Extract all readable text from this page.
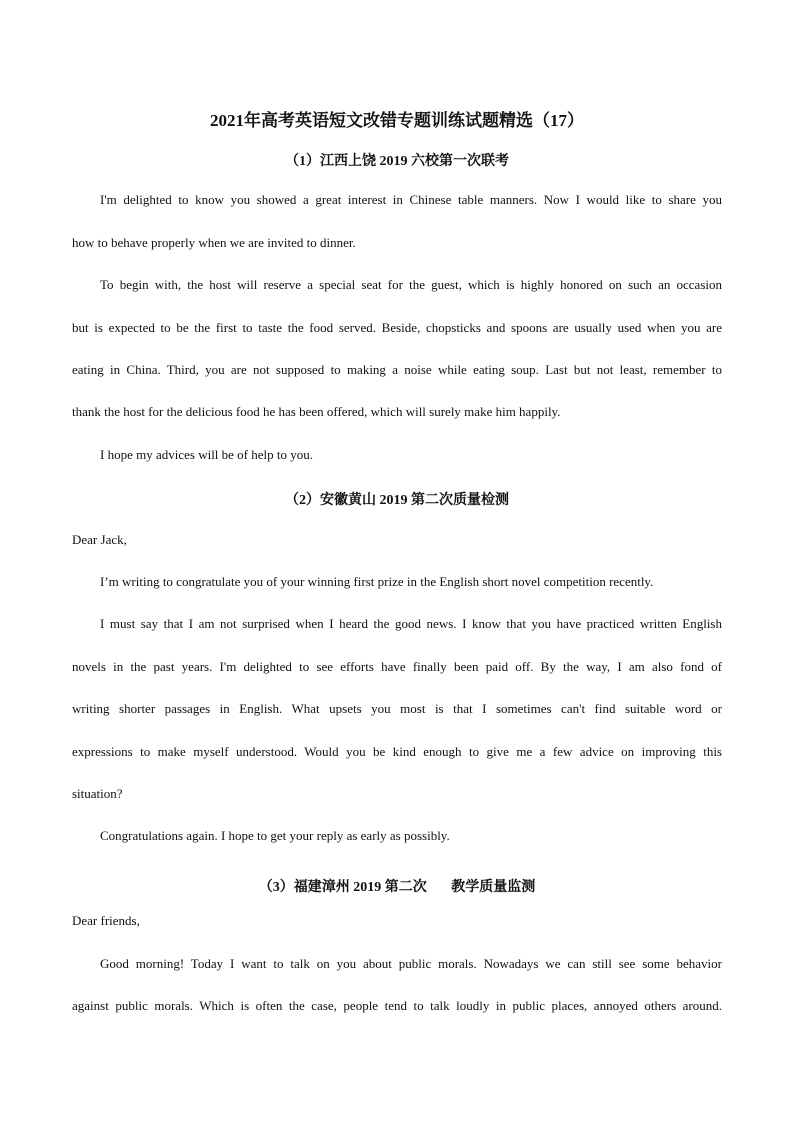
2021年高考英语短文改错专题训练试题精选（17）
（1）江西上饶 2019 六校第一次联考
I'm delighted to know you showed a great interest in Chinese table manners. Now I would like to share you
how to behave properly when we are invited to dinner.
To begin with, the host will reserve a special seat for the guest, which is highly honored on such an occasion
but is expected to be the first to taste the food served. Beside, chopsticks and spoons are usually used when you are
eating in China. Third, you are not supposed to making a noise while eating soup. Last but not least, remember to
thank the host for the delicious food he has been offered, which will surely make him happily.
I hope my advices will be of help to you.
（2）安徽黄山 2019 第二次质量检测
Dear Jack,
I’m writing to congratulate you of your winning first prize in the English short novel competition recently.
I must say that I am not surprised when I heard the good news. I know that you have practiced written English
novels in the past years. I'm delighted to see efforts have finally been paid off. By the way, I am also fond of
writing shorter passages in English. What upsets you most is that I sometimes can't find suitable word or
expressions to make myself understood. Would you be kind enough to give me a few advice on improving this
situation?
Congratulations again. I hope to get your reply as early as possibly.
（3）福建漳州 2019 第二次       教学质量监测
Dear friends,
Good morning! Today I want to talk on you about public morals. Nowadays we can still see some behavior
against public morals. Which is often the case, people tend to talk loudly in public places, annoyed others around.
